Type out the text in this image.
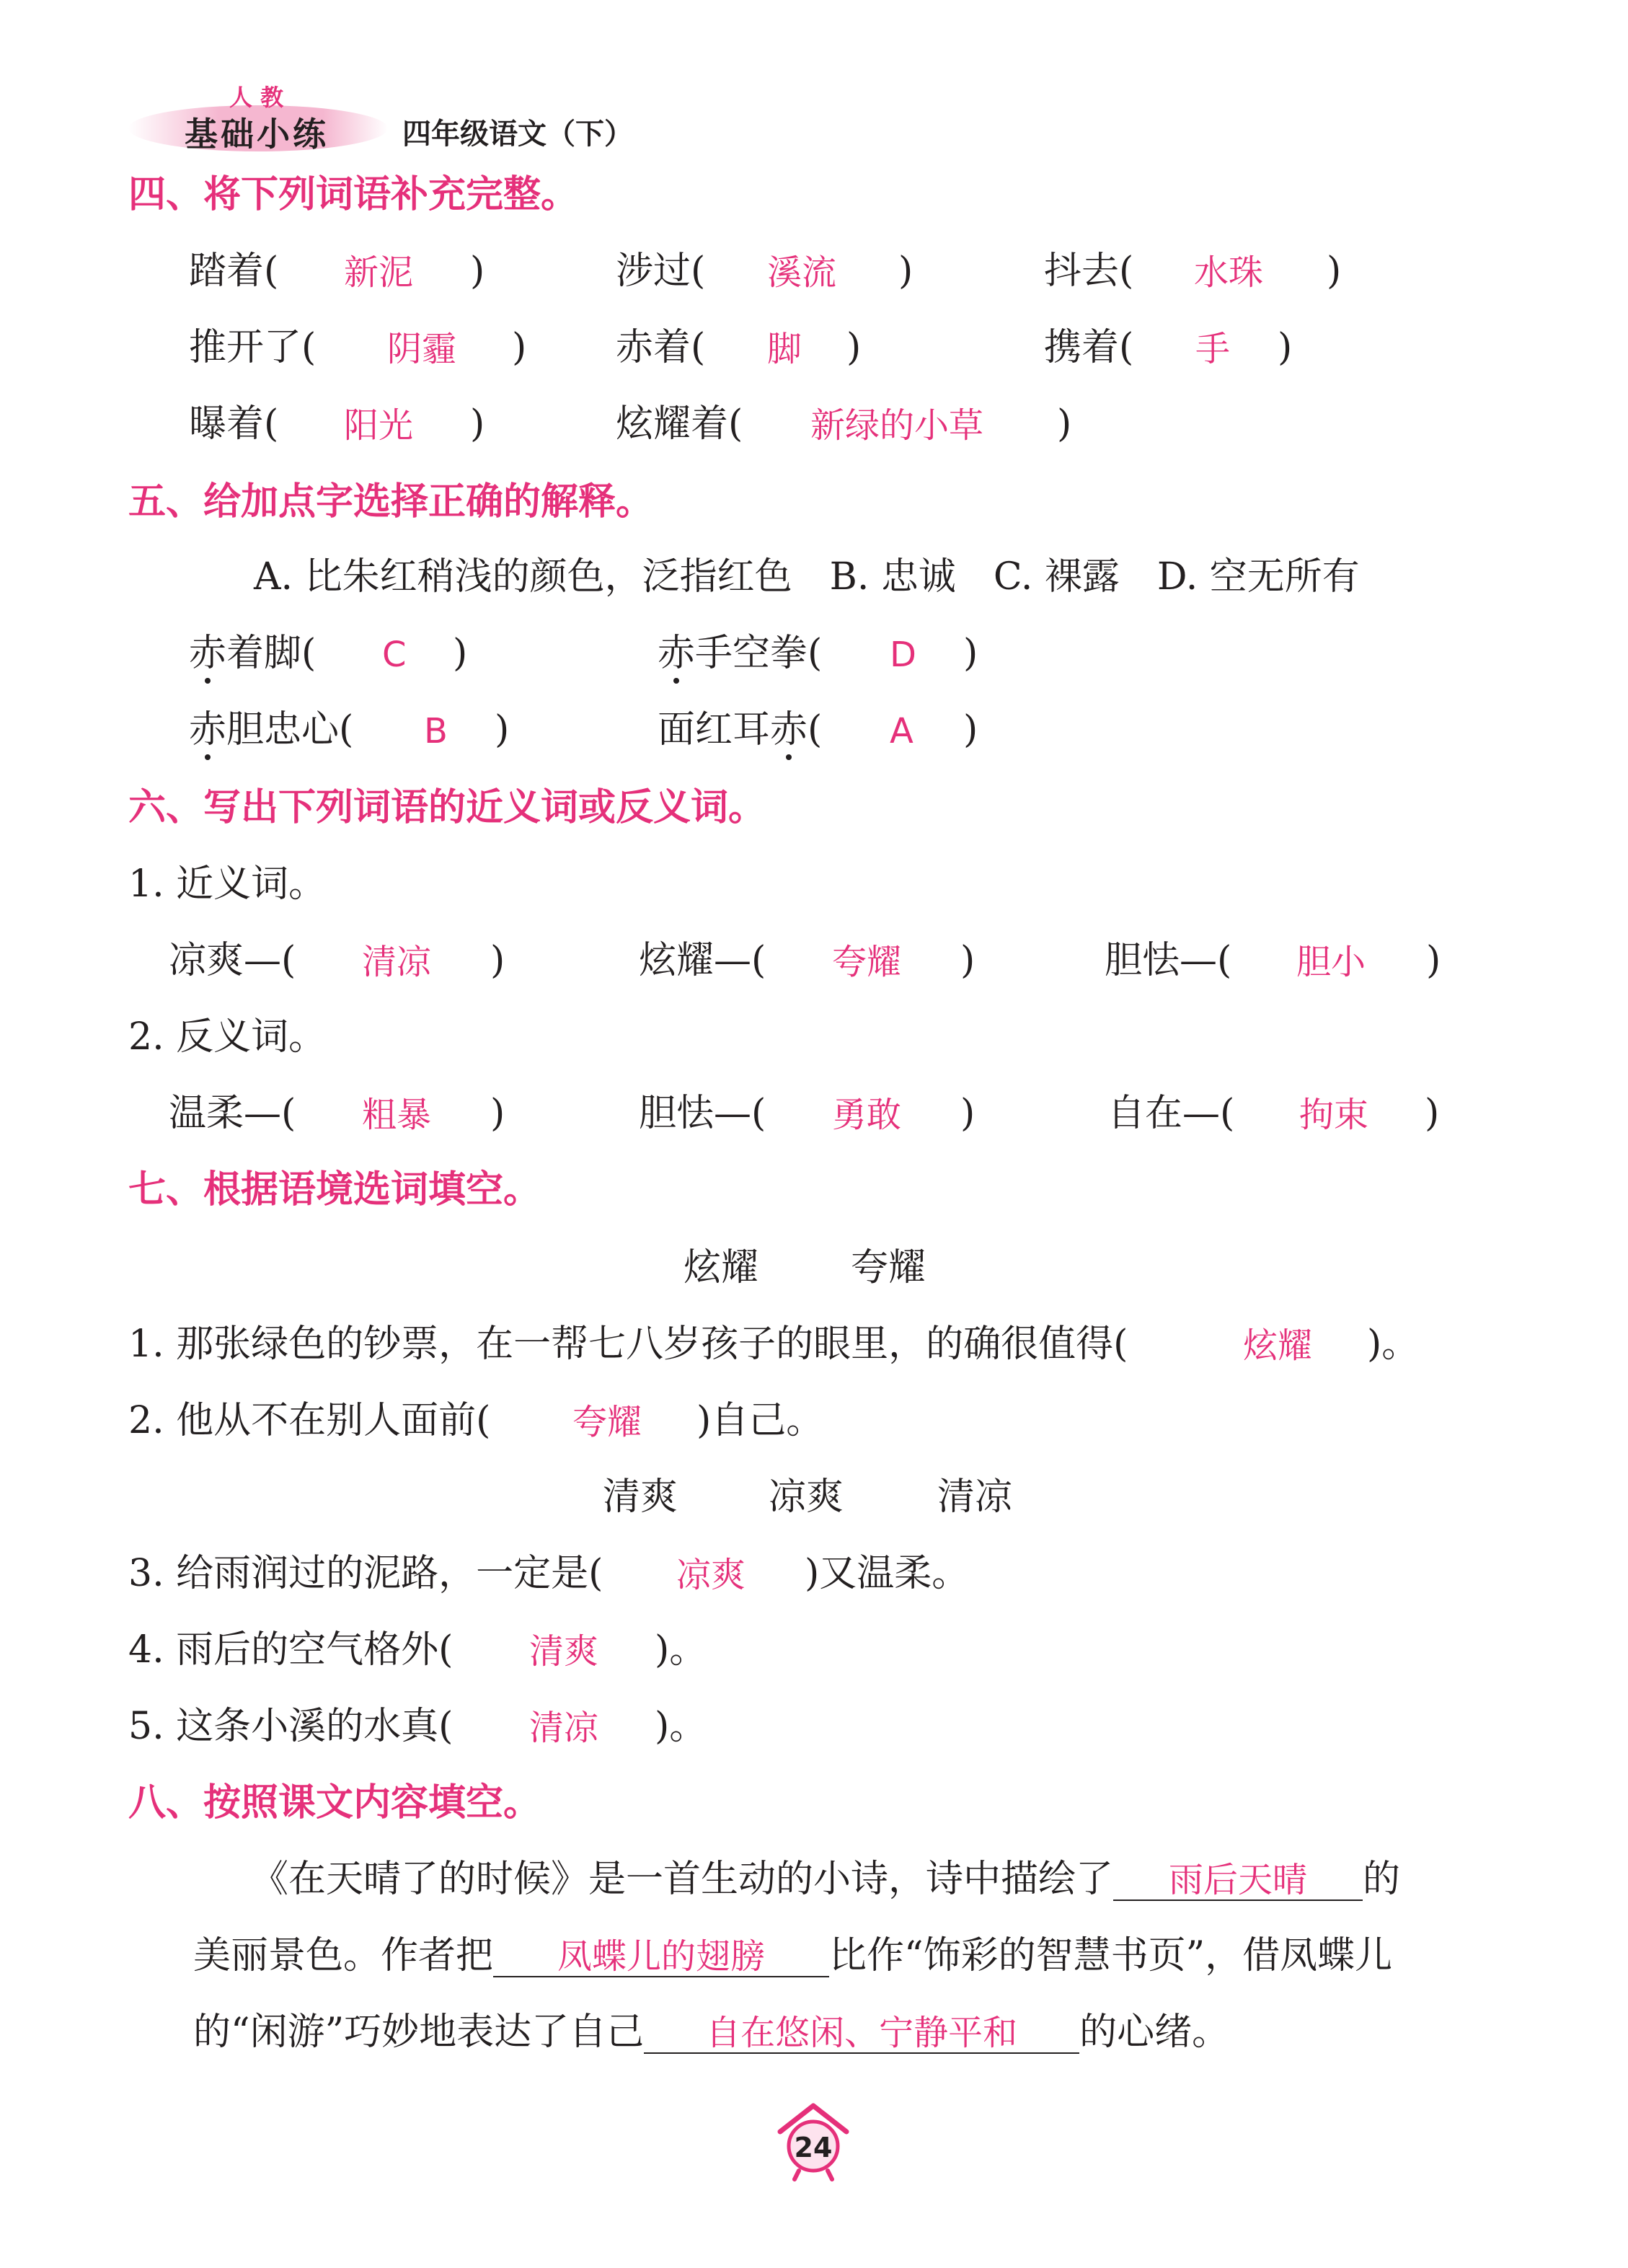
人 教
基础小练	四年级语文（下）
四、将下列词语补充完整。
踏着( 新泥 )	涉过( 溪流 )	抖去( 水珠 )
推开了( 阴霾 ) 赤着( 脚 )	携着( 手 )
曝着( 阳光 )	炫耀着( 新绿的小草 )
五、给加点字选择正确的解释。
A. 比朱红稍浅的颜色，泛指红色　B. 忠诚　C. 裸露　D. 空无所有
赤着脚( C )	赤手空拳( D )
赤胆忠心( B )	面红耳赤( A )
六、写出下列词语的近义词或反义词。
1. 近义词。
凉爽—( 清凉 )	炫耀—( 夸耀 )	胆怯—( 胆小 )
2. 反义词。
温柔—( 粗暴 )	胆怯—( 勇敢 )	自在—( 拘束 )
七、根据语境选词填空。
炫耀 夸耀
1. 那张绿色的钞票，在一帮七八岁孩子的眼里，的确很值得(	炫耀 )。
2. 他从不在别人面前( 夸耀 )自己。
清爽 凉爽 清凉
3. 给雨润过的泥路，一定是( 凉爽 )又温柔。
4. 雨后的空气格外( 清爽 )。
5. 这条小溪的水真( 清凉 )。
八、按照课文内容填空。
《在天晴了的时候》是一首生动的小诗，诗中描绘了 雨后天晴 的
美丽景色。作者把 凤蝶儿的翅膀 比作“饰彩的智慧书页”，借凤蝶儿
的“闲游”巧妙地表达了自己 自在悠闲、宁静平和 的心绪。
24
